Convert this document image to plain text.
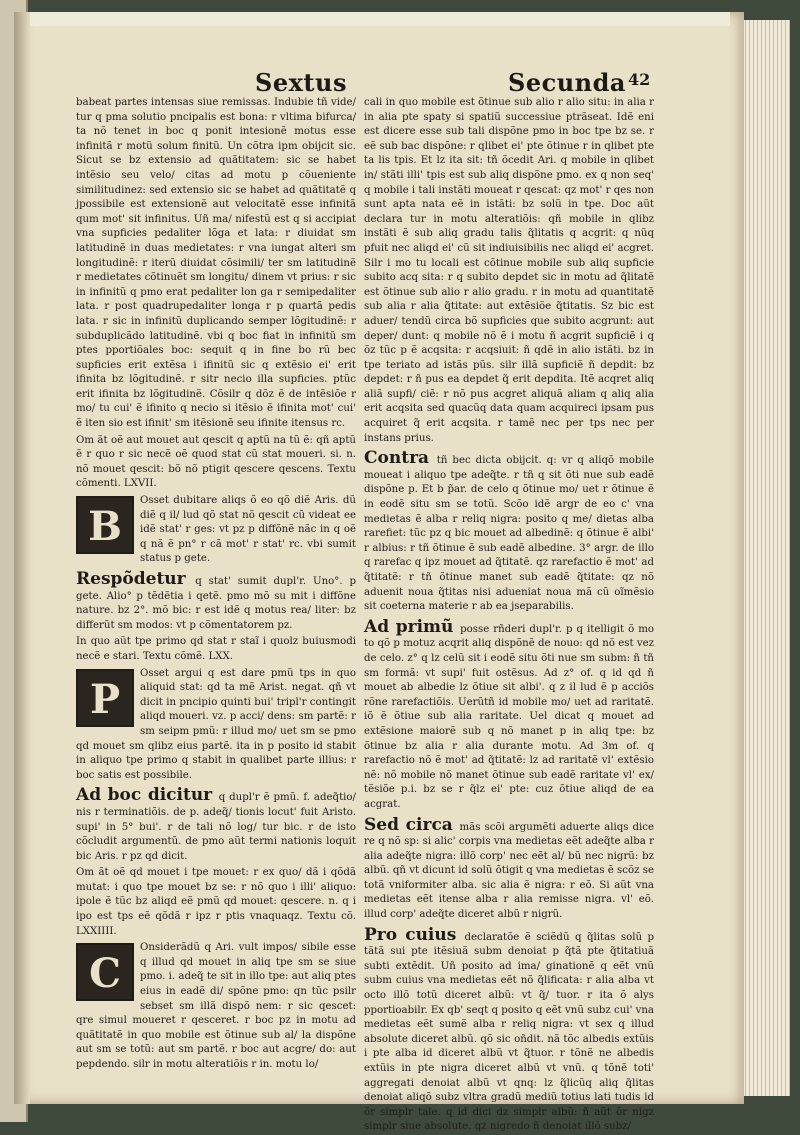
Sextus	Secunda 42

babeat partes intensas siue remissas. Indubie tñ vide/ tur q pma solutio pncipalis est bona: r vltima bifurca/ ta nõ tenet in boc q ponit intesionẽ motus esse infinitã r motũ solum finitũ. Un cõtra ipm obijcit sic. Sicut se bz extensio ad quãtitatem: sic se habet intẽsio seu velo/ citas ad motu p cõueniente similitudinez: sed extensio sic se habet ad quãtitatẽ q jpossibile est extensionẽ aut velocitatẽ esse infinitã qum mot' sit infinitus. Uñ ma/ nifestũ est q si accipiat vna supficies pedaliter lõga et lata: r diuidat sm latitudinẽ in duas medietates: r vna iungat alteri sm longitudinẽ: r iterũ diuidat cõsimili/ ter sm latitudinẽ r medietates cõtinuẽt sm longitu/ dinem vt prius: r sic in infinitũ q pmo erat pedaliter lon ga r semipedaliter lata. r post quadrupedaliter longa r p quartã pedis lata. r sic in infinitũ duplicando semper lõgitudinẽ: r subduplicãdo latitudinẽ. vbi q boc fiat in infinitũ sm ptes pportiõales boc: sequit q in fine bo rũ bec supficies erit extẽsa i ifinitũ sic q extẽsio ei' erit ifinita bz lõgitudinẽ. r sitr necio illa supficies. ptũc erit ifinita bz lõgitudinẽ. Cõsilr q dõz ẽ de intẽsiõe r mo/ tu cui' ẽ ifinito q necio si itẽsio ẽ ifinita mot' cui' ẽ iten sio est ifinit' sm itẽsionẽ seu ifinite itensus rc.

Om ãt oẽ aut mouet aut qescit q aptũ na tũ ẽ: qñ aptũ ẽ r quo r sic necẽ oẽ quod stat cũ stat moueri. si. n. nõ mouet qescit: bõ nõ ptigit qescere qescens. Textu cõmenti. LXVII.

B
Osset dubitare aliqs õ eo qõ diẽ Aris. dũ diẽ q il/ lud qõ stat nõ qescit cũ videat ee idẽ stat' r ges: vt pz p diffõnẽ nãc in q oẽ q nã ẽ pn° r cã mot' r stat' rc. vbi sumit status p gete.

Respõdetur q stat' sumit dupl'r. Uno°. p gete. Alio° p tẽdẽtia i qetẽ. pmo mõ su mit i diffõne nature. bz 2°. mõ bic: r est idẽ q motus rea/ liter: bz differũt sm modos: vt p cõmentatorem pz.

In quo aũt tpe primo qd stat r staĩ i quolz buiusmodi necẽ e stari. Textu cõmẽ. LXX.

P
Osset argui q est dare pmũ tps in quo aliquid stat: qd ta mẽ Arist. negat. qñ vt dicit in pncipio quinti bui' tripl'r contingit aliqd moueri. vz. p acci/ dens: sm partẽ: r sm seipm pmũ: r illud mo/ uet sm se pmo qd mouet sm qlibz eius partẽ. ita in p posito id stabit in aliquo tpe primo q stabit in qualibet parte illius: r boc satis est possibile.

Ad boc dicitur q dupl'r ẽ pmũ. f. adeq̃tio/ nis r terminatiõis. de p. adeq̃/ tionis locut' fuit Aristo. supi' in 5° bui'. r de tali nõ log/ tur bic. r de isto cõcludit argumentũ. de pmo aũt termi nationis loquit bic Aris. r pz qd dicit.

Om ãt oẽ qd mouet i tpe mouet: r ex quo/ dã i qõdã mutat: i quo tpe mouet bz se: r nõ quo i illi' aliquo: ipole ẽ tũc bz aliqd eẽ pmũ qd mouet: qescere. n. q i ipo est tps eẽ qõdã r ipz r ptis vnaquaqz. Textu cõ. LXXIIII.

C
Onsiderãdũ q Ari. vult impos/ sibile esse q illud qd mouet in aliq tpe sm se siue pmo. i. adeq̃ te sit in illo tpe: aut aliq ptes eius in eadẽ di/ spõne pmo: qn tũc psilr sebset sm illã dispõ nem: r sic qescet: qre simul moueret r qesceret. r boc pz in motu ad quãtitatẽ in quo mobile est õtinue sub al/ la dispõne aut sm se totũ: aut sm partẽ. r boc aut acgre/ do: aut pepdendo. silr in motu alteratiõis r in. motu lo/

cali in quo mobile est õtinue sub alio r alio situ: in alia r in alia pte spaty si spatiũ successiue ptrãseat. Idẽ eni est dicere esse sub tali dispõne pmo in boc tpe bz se. r eẽ sub bac dispõne: r qlibet ei' pte õtinue r in qlibet pte ta lis tpis. Et lz ita sit: tñ õcedit Ari. q mobile in qlibet in/ stãti illi' tpis est sub aliq dispõne pmo. ex q non seq' q mobile i tali instãti moueat r qescat: qz mot' r qes non sunt apta nata eẽ in istãti: bz solũ in tpe. Doc aũt declara tur in motu alteratiõis: qñ mobile in qlibz instãti ẽ sub aliq gradu talis q̃litatis q acgrit: q nũq pfuit nec aliqd ei' cũ sit indiuisibilis nec aliqd ei' acgret. Silr i mo tu locali est cõtinue mobile sub aliq supficie subito acq sita: r q subito depdet sic in motu ad q̃litatẽ est õtinue sub alio r alio gradu. r in motu ad quantitatẽ sub alia r alia q̃titate: aut extẽsiõe q̃titatis. Sz bic est aduer/ tendũ circa bõ supficies que subito acgrunt: aut deper/ dunt: q mobile nõ ẽ i motu ñ acgrit supficiẽ i q õz tũc p ẽ acqsita: r acqsiuit: ñ qdẽ in alio istãti. bz in tpe teriato ad istãs pũs. silr illã supficiẽ ñ depdit: bz depdet: r ñ pus ea depdet q̃ erit depdita. Itẽ acqret aliq aliã supfi/ ciẽ: r nõ pus acgret aliquã aliam q aliq alia erit acqsita sed quacũq data quam acquireci ipsam pus acquiret q̃ erit acqsita. r tamẽ nec per tps nec per instans prius.

Contra tñ bec dicta obijcit. q: vr q aliqõ mobile moueat i aliquo tpe adeq̃te. r tñ q sit õti nue sub eadẽ dispõne p. Et b p̃ar. de celo q õtinue mo/ uet r õtinue ẽ in eodẽ situ sm se totũ. Scõo idẽ argr de eo c' vna medietas ẽ alba r reliq nigra: posito q me/ dietas alba rarefiet: tũc pz q bic mouet ad albedinẽ: q õtinue ẽ albi' r albius: r tñ õtinue ẽ sub eadẽ albedine. 3° argr. de illo q rarefac q ipz mouet ad q̃titatẽ. qz rarefactio ẽ mot' ad q̃titatẽ: r tñ õtinue manet sub eadẽ q̃titate: qz nõ aduenit noua q̃titas nisi adueniat noua mã cũ oĩmẽsio sit coeterna materie r ab ea jseparabilis.

Ad primũ posse rñderi dupl'r. p q itelligit õ mo to qõ p motuz acqrit aliq dispõnẽ de nouo: qd nõ est vez de celo. z° q lz celũ sit i eodẽ situ õti nue sm subm: ñ tñ sm formã: vt supi' fuit ostẽsus. Ad z° of. q id qd ñ mouet ab albedie lz õtiue sit albi'. q z il lud ẽ p acciõs rõne rarefactiõis. Uerũtñ id mobile mo/ uet ad raritatẽ. iõ ẽ õtiue sub alia raritate. Uel dicat q mouet ad extẽsione maiorẽ sub q nõ manet p in aliq tpe: bz õtinue bz alia r alia durante motu. Ad 3m of. q rarefactio nõ ẽ mot' ad q̃titatẽ: lz ad raritatẽ vl' extẽsio nẽ: nõ mobile nõ manet õtinue sub eadẽ raritate vl' ex/ tẽsiõe p.i. bz se r q̃lz ei' pte: cuz õtiue aliqd de ea acgrat.

Sed circa mãs scõi argumẽti aduerte aliqs dice re q nõ sp: si alic' corpis vna medietas eẽt adeq̃te alba r alia adeq̃te nigra: illõ corp' nec eẽt al/ bũ nec nigrũ: bz albũ. qñ vt dicunt id solũ õtigit q vna medietas ẽ scõz se totã vniformiter alba. sic alia ẽ nigra: r eõ. Si aũt vna medietas eẽt itense alba r alia remisse nigra. vl' eõ. illud corp' adeq̃te diceret albũ r nigrũ.

Pro cuius declaratõe ẽ sciẽdũ q q̃litas solũ p tãtã sui pte itẽsiuã subm denoiat p q̃tã pte q̃titatiuã subti extẽdit. Uñ posito ad ima/ ginationẽ q eẽt vnũ subm cuius vna medietas eẽt nõ q̃lificata: r alia alba vt octo illõ totũ diceret albũ: vt q̃/ tuor. r ita õ alys pportioabilr. Ex qb' seqt q posito q eẽt vnũ subz cui' vna medietas eẽt sumẽ alba r reliq nigra: vt sex q illud absolute diceret albũ. qõ sic oñdit. nã tõc albedis extũis i pte alba id diceret albũ vt q̃tuor. r tõnẽ ne albedis extũis in pte nigra diceret albũ vt vnũ. q tõnẽ toti' aggregati denoiat albũ vt qnq: lz q̃licũq aliq q̃litas denoiat aliqõ subz vltra gradũ mediũ totius lati tudis id õr simplr tale. q id dici dz simplr albũ: ñ aũt õr nigz simplr siue absolute. qz nigredo ñ denoiat illõ subz/
